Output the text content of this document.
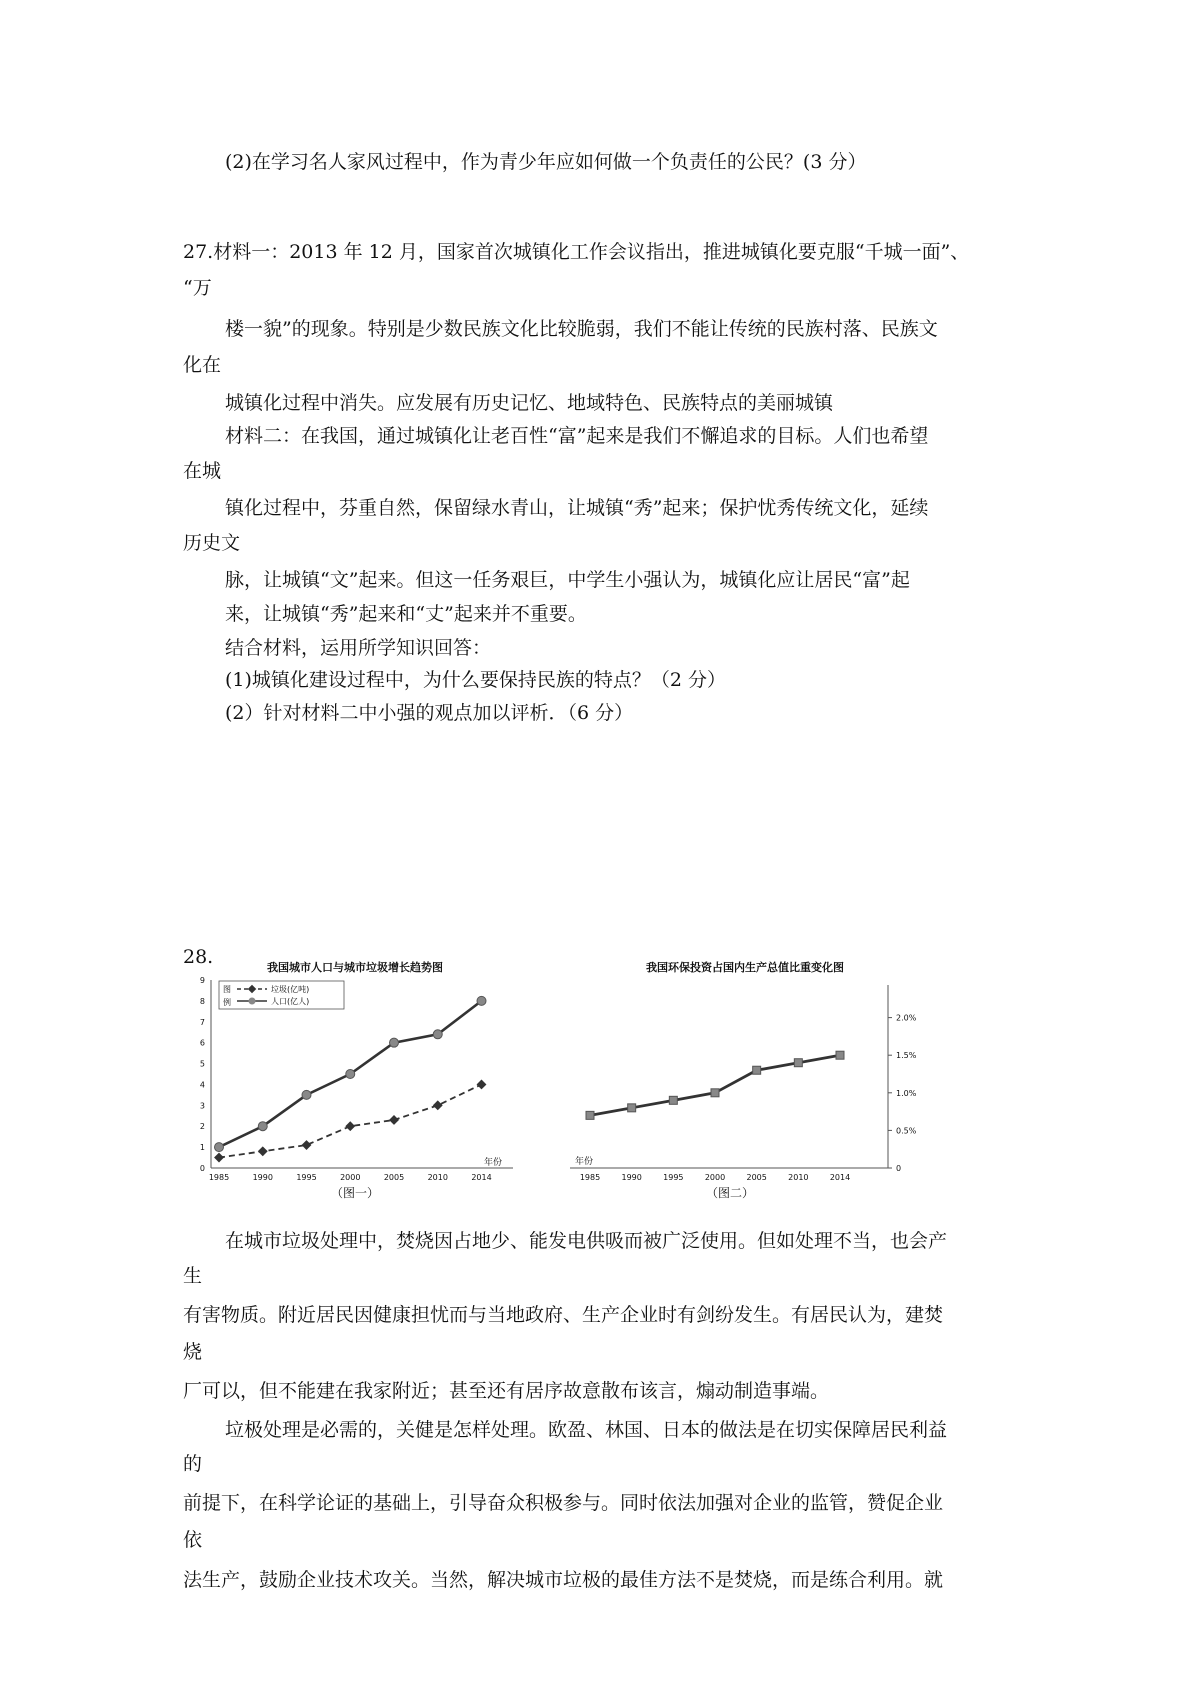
(2)在学习名人家风过程中，作为青少年应如何做一个负责任的公民？(3 分）
27.材料一：2013 年 12 月，国家首次城镇化工作会议指出，推进城镇化要克服“千城一面”、
“万
楼一貌”的现象。特别是少数民族文化比较脆弱，我们不能让传统的民族村落、民族文
化在
城镇化过程中消失。应发展有历史记忆、地域特色、民族特点的美丽城镇
材料二：在我国，通过城镇化让老百性“富”起来是我们不懈追求的目标。人们也希望
在城
镇化过程中，芬重自然，保留绿水青山，让城镇“秀”起来；保护忧秀传统文化，延续
历史文
脉，让城镇“文”起来。但这一任务艰巨，中学生小强认为，城镇化应让居民“富”起
来，让城镇“秀”起来和“丈”起来并不重要。
结合材料，运用所学知识回答：
(1)城镇化建设过程中，为什么要保持民族的特点？（2 分）
(2）针对材料二中小强的观点加以评析．（6 分）
28.	我国城市人口与城市垃圾增长趋势图
0
1
2
3
4
5
6
7
8
9
1985	1990	1995	2000	2005	2010	2014
年份
（图一）
图
例
垃圾(亿吨)
人口(亿人)
我国环保投资占国内生产总值比重变化图
0
0.5%
1.0%
1.5%
2.0%
1985	1990	1995	2000	2005	2010	2014
年份
（图二）
在城市垃圾处理中，焚烧因占地少、能发电供吸而被广泛使用。但如处理不当，也会产
生
有害物质。附近居民因健康担忧而与当地政府、生产企业时有剑纷发生。有居民认为，建焚
烧
厂可以，但不能建在我家附近；甚至还有居序故意散布该言，煽动制造事端。
垃极处理是必需的，关健是怎样处理。欧盈、林国、日本的做法是在切实保障居民利益
的
前提下，在科学论证的基础上，引导奋众积极参与。同时依法加强对企业的监管，赞促企业
依
法生产，鼓励企业技术攻关。当然，解决城市垃极的最佳方法不是焚烧，而是练合利用。就
